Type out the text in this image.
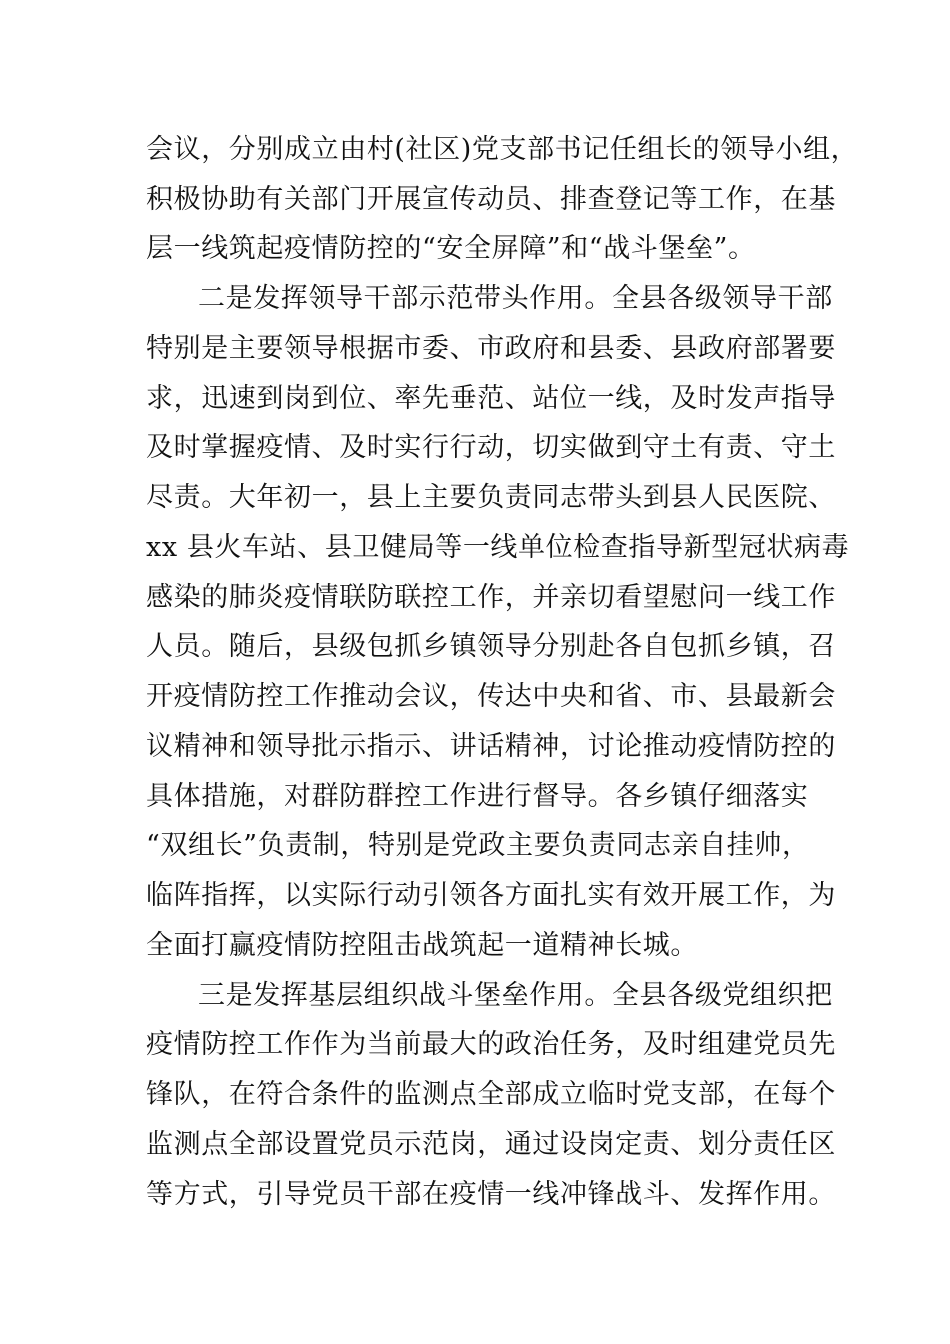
会议，分别成立由村(社区)党支部书记任组长的领导小组，
积极协助有关部门开展宣传动员、排查登记等工作，在基
层一线筑起疫情防控的“安全屏障”和“战斗堡垒”。
二是发挥领导干部示范带头作用。全县各级领导干部
特别是主要领导根据市委、市政府和县委、县政府部署要
求，迅速到岗到位、率先垂范、站位一线，及时发声指导
及时掌握疫情、及时实行行动，切实做到守土有责、守土
尽责。大年初一，县上主要负责同志带头到县人民医院、
xx 县火车站、县卫健局等一线单位检查指导新型冠状病毒
感染的肺炎疫情联防联控工作，并亲切看望慰问一线工作
人员。随后，县级包抓乡镇领导分别赴各自包抓乡镇，召
开疫情防控工作推动会议，传达中央和省、市、县最新会
议精神和领导批示指示、讲话精神，讨论推动疫情防控的
具体措施，对群防群控工作进行督导。各乡镇仔细落实
“双组长”负责制，特别是党政主要负责同志亲自挂帅，
临阵指挥，以实际行动引领各方面扎实有效开展工作，为
全面打赢疫情防控阻击战筑起一道精神长城。
三是发挥基层组织战斗堡垒作用。全县各级党组织把
疫情防控工作作为当前最大的政治任务，及时组建党员先
锋队，在符合条件的监测点全部成立临时党支部，在每个
监测点全部设置党员示范岗，通过设岗定责、划分责任区
等方式，引导党员干部在疫情一线冲锋战斗、发挥作用。
